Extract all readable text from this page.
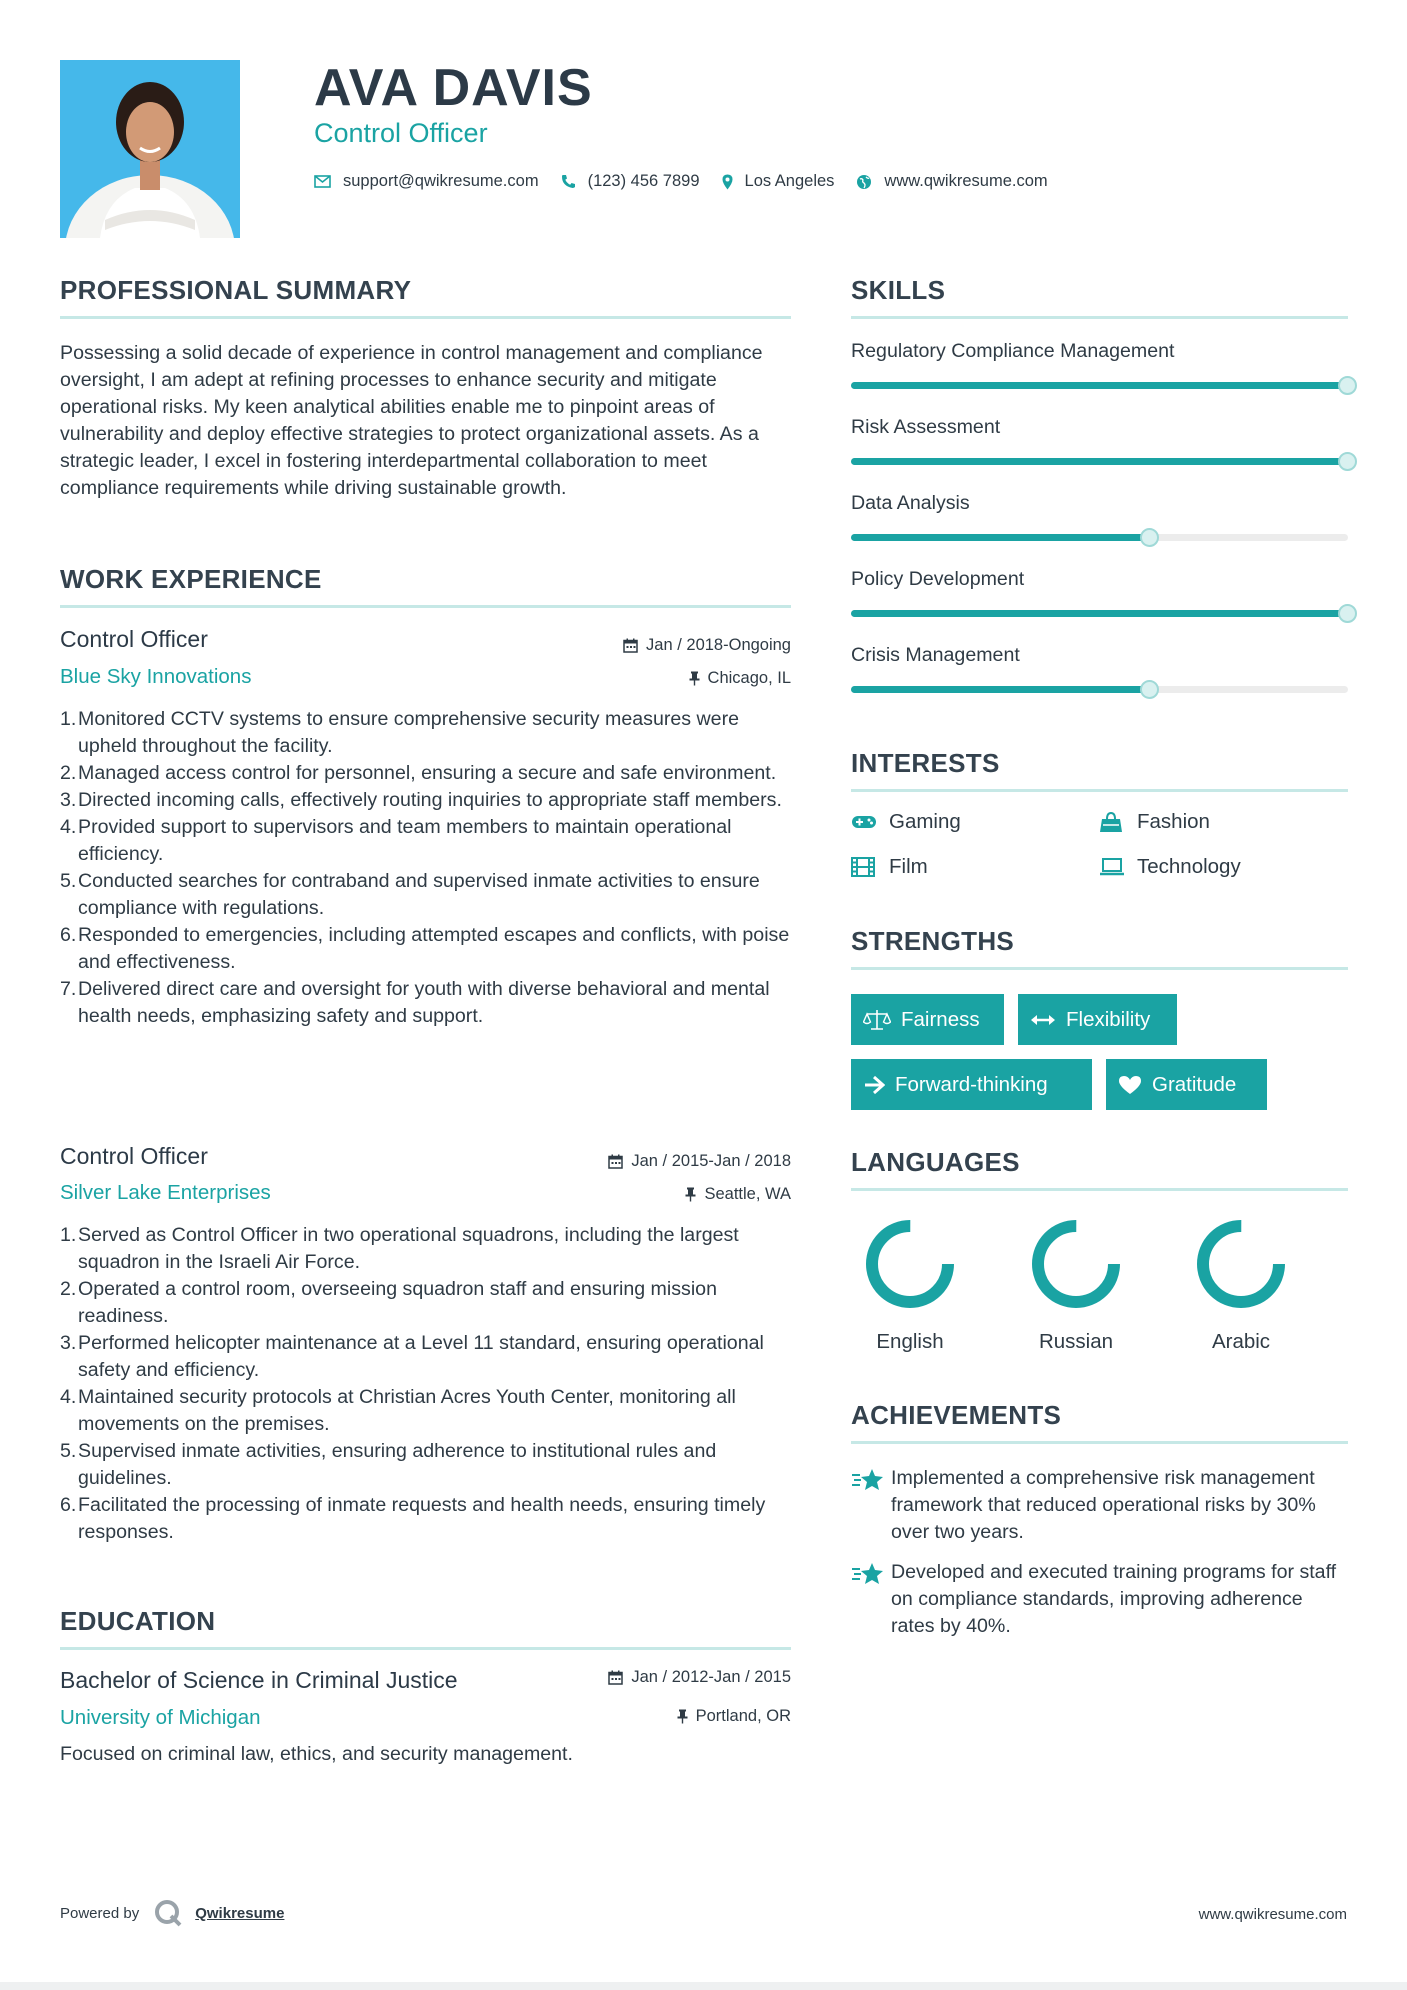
AVA DAVIS
Control Officer
support@qwikresume.com	(123) 456 7899	Los Angeles	www.qwikresume.com
PROFESSIONAL SUMMARY
Possessing a solid decade of experience in control management and compliance oversight, I am adept at refining processes to enhance security and mitigate operational risks. My keen analytical abilities enable me to pinpoint areas of vulnerability and deploy effective strategies to protect organizational assets. As a strategic leader, I excel in fostering interdepartmental collaboration to meet compliance requirements while driving sustainable growth.
WORK EXPERIENCE
Control Officer	Jan / 2018-Ongoing
Blue Sky Innovations	Chicago, IL
1.Monitored CCTV systems to ensure comprehensive security measures were upheld throughout the facility.
2.Managed access control for personnel, ensuring a secure and safe environment.
3.Directed incoming calls, effectively routing inquiries to appropriate staff members.
4.Provided support to supervisors and team members to maintain operational efficiency.
5.Conducted searches for contraband and supervised inmate activities to ensure compliance with regulations.
6.Responded to emergencies, including attempted escapes and conflicts, with poise and effectiveness.
7.Delivered direct care and oversight for youth with diverse behavioral and mental health needs, emphasizing safety and support.
Control Officer	Jan / 2015-Jan / 2018
Silver Lake Enterprises	Seattle, WA
1.Served as Control Officer in two operational squadrons, including the largest squadron in the Israeli Air Force.
2.Operated a control room, overseeing squadron staff and ensuring mission readiness.
3.Performed helicopter maintenance at a Level 11 standard, ensuring operational safety and efficiency.
4.Maintained security protocols at Christian Acres Youth Center, monitoring all movements on the premises.
5.Supervised inmate activities, ensuring adherence to institutional rules and guidelines.
6.Facilitated the processing of inmate requests and health needs, ensuring timely responses.
EDUCATION
Bachelor of Science in Criminal Justice	Jan / 2012-Jan / 2015
University of Michigan	Portland, OR
Focused on criminal law, ethics, and security management.
SKILLS
Regulatory Compliance Management
Risk Assessment
Data Analysis
Policy Development
Crisis Management
INTERESTS
Gaming	Fashion
Film	Technology
STRENGTHS
Fairness	Flexibility
Forward-thinking	Gratitude
LANGUAGES
English	Russian	Arabic
ACHIEVEMENTS
Implemented a comprehensive risk management framework that reduced operational risks by 30% over two years.
Developed and executed training programs for staff on compliance standards, improving adherence rates by 40%.
Powered by	Qwikresume	www.qwikresume.com
